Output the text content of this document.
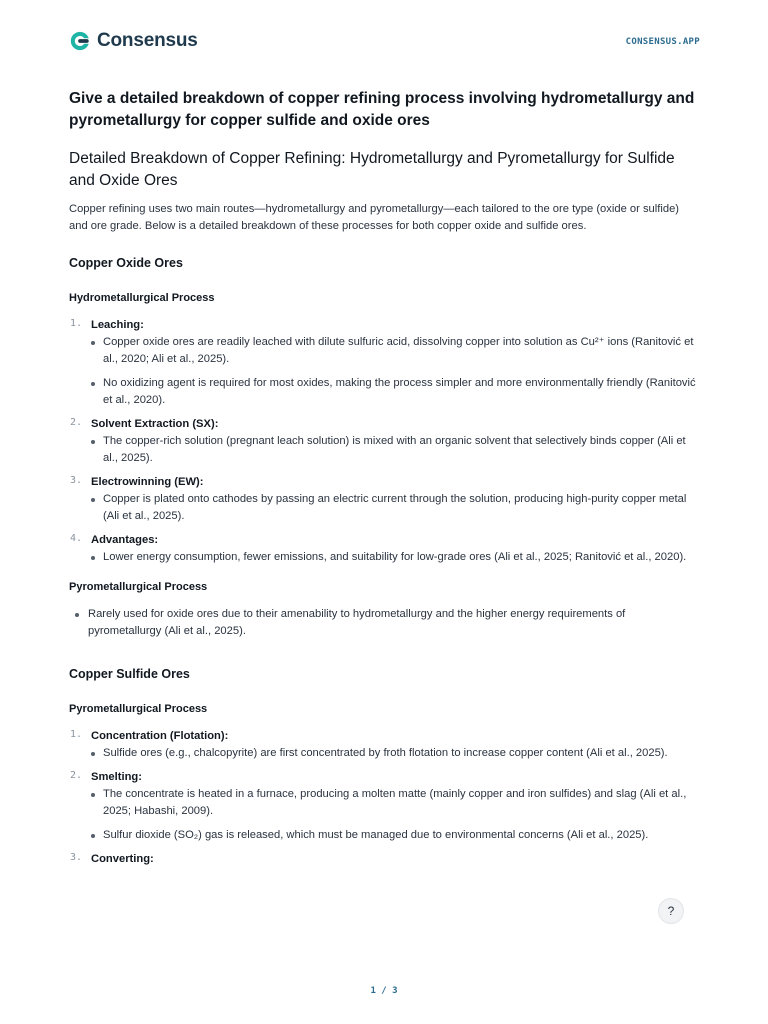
Consensus	CONSENSUS.APP
Give a detailed breakdown of copper refining process involving hydrometallurgy and pyrometallurgy for copper sulfide and oxide ores
Detailed Breakdown of Copper Refining: Hydrometallurgy and Pyrometallurgy for Sulfide and Oxide Ores

Copper refining uses two main routes—hydrometallurgy and pyrometallurgy—each tailored to the ore type (oxide or sulfide) and ore grade. Below is a detailed breakdown of these processes for both copper oxide and sulfide ores.

Copper Oxide Ores
Hydrometallurgical Process
1. Leaching:
Copper oxide ores are readily leached with dilute sulfuric acid, dissolving copper into solution as Cu²⁺ ions (Ranitović et al., 2020; Ali et al., 2025).
No oxidizing agent is required for most oxides, making the process simpler and more environmentally friendly (Ranitović et al., 2020).
2. Solvent Extraction (SX):
The copper-rich solution (pregnant leach solution) is mixed with an organic solvent that selectively binds copper (Ali et al., 2025).
3. Electrowinning (EW):
Copper is plated onto cathodes by passing an electric current through the solution, producing high-purity copper metal (Ali et al., 2025).
4. Advantages:
Lower energy consumption, fewer emissions, and suitability for low-grade ores (Ali et al., 2025; Ranitović et al., 2020).
Pyrometallurgical Process
Rarely used for oxide ores due to their amenability to hydrometallurgy and the higher energy requirements of pyrometallurgy (Ali et al., 2025).
Copper Sulfide Ores
Pyrometallurgical Process
1. Concentration (Flotation):
Sulfide ores (e.g., chalcopyrite) are first concentrated by froth flotation to increase copper content (Ali et al., 2025).
2. Smelting:
The concentrate is heated in a furnace, producing a molten matte (mainly copper and iron sulfides) and slag (Ali et al., 2025; Habashi, 2009).
Sulfur dioxide (SO₂) gas is released, which must be managed due to environmental concerns (Ali et al., 2025).
3. Converting:
?
1 / 3
